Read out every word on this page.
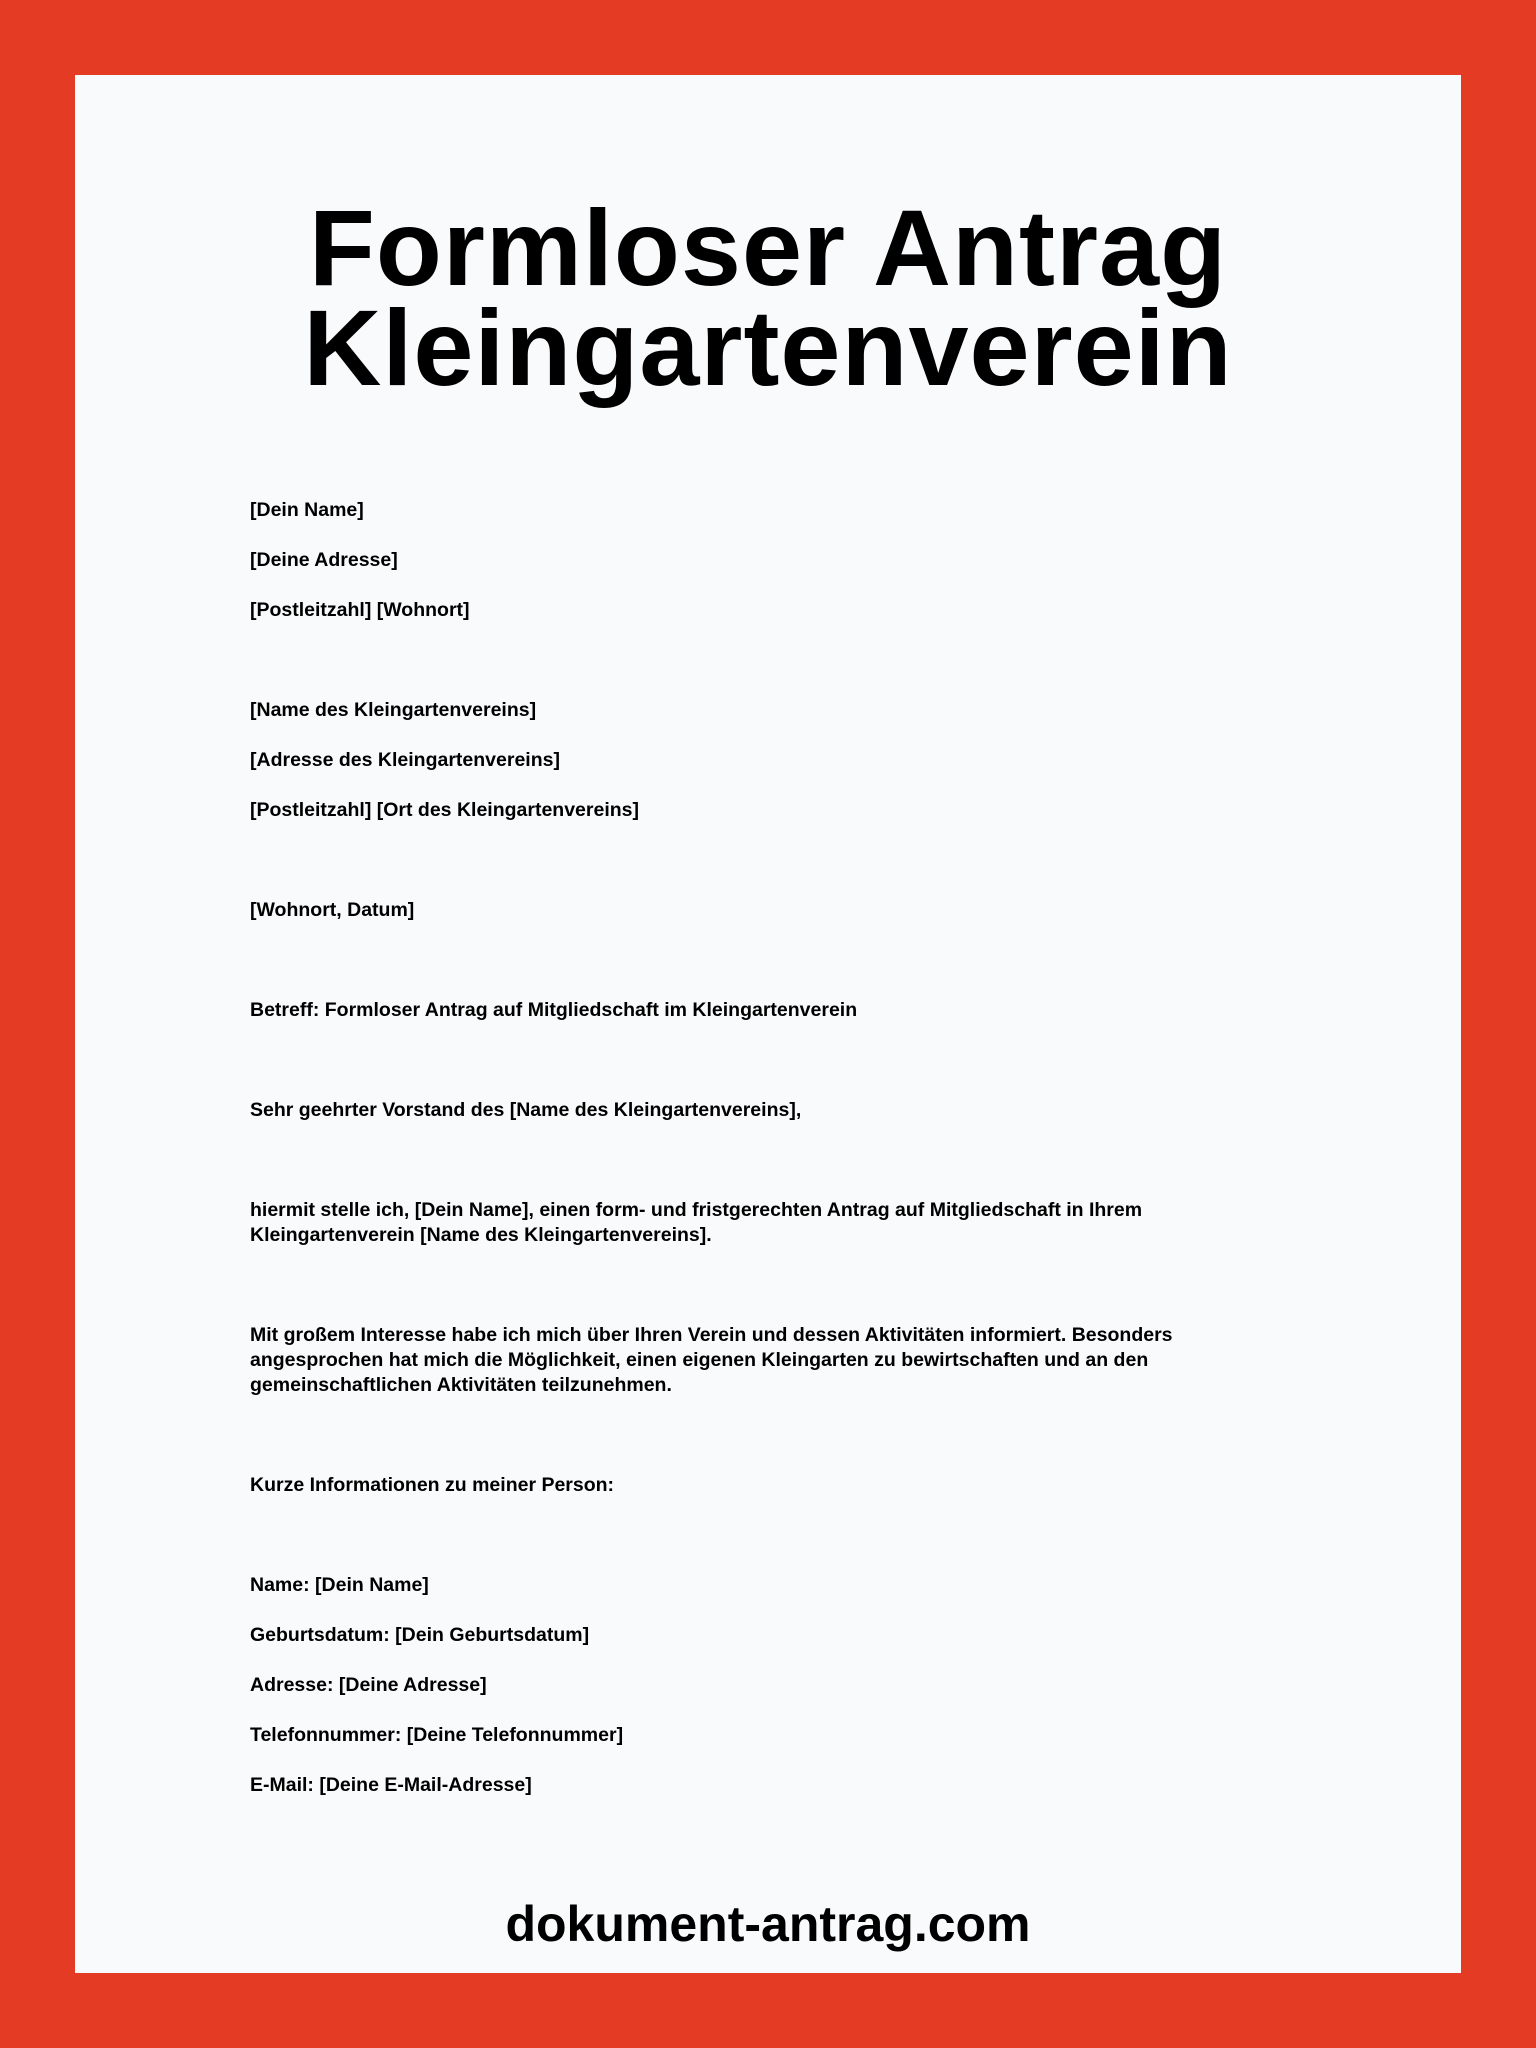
Formloser Antrag
Kleingartenverein

[Dein Name]

[Deine Adresse]

[Postleitzahl] [Wohnort]

[Name des Kleingartenvereins]

[Adresse des Kleingartenvereins]

[Postleitzahl] [Ort des Kleingartenvereins]

[Wohnort, Datum]

Betreff: Formloser Antrag auf Mitgliedschaft im Kleingartenverein

Sehr geehrter Vorstand des [Name des Kleingartenvereins],

hiermit stelle ich, [Dein Name], einen form- und fristgerechten Antrag auf Mitgliedschaft in Ihrem Kleingartenverein [Name des Kleingartenvereins].

Mit großem Interesse habe ich mich über Ihren Verein und dessen Aktivitäten informiert. Besonders angesprochen hat mich die Möglichkeit, einen eigenen Kleingarten zu bewirtschaften und an den gemeinschaftlichen Aktivitäten teilzunehmen.

Kurze Informationen zu meiner Person:

Name: [Dein Name]

Geburtsdatum: [Dein Geburtsdatum]

Adresse: [Deine Adresse]

Telefonnummer: [Deine Telefonnummer]

E-Mail: [Deine E-Mail-Adresse]

dokument-antrag.com
